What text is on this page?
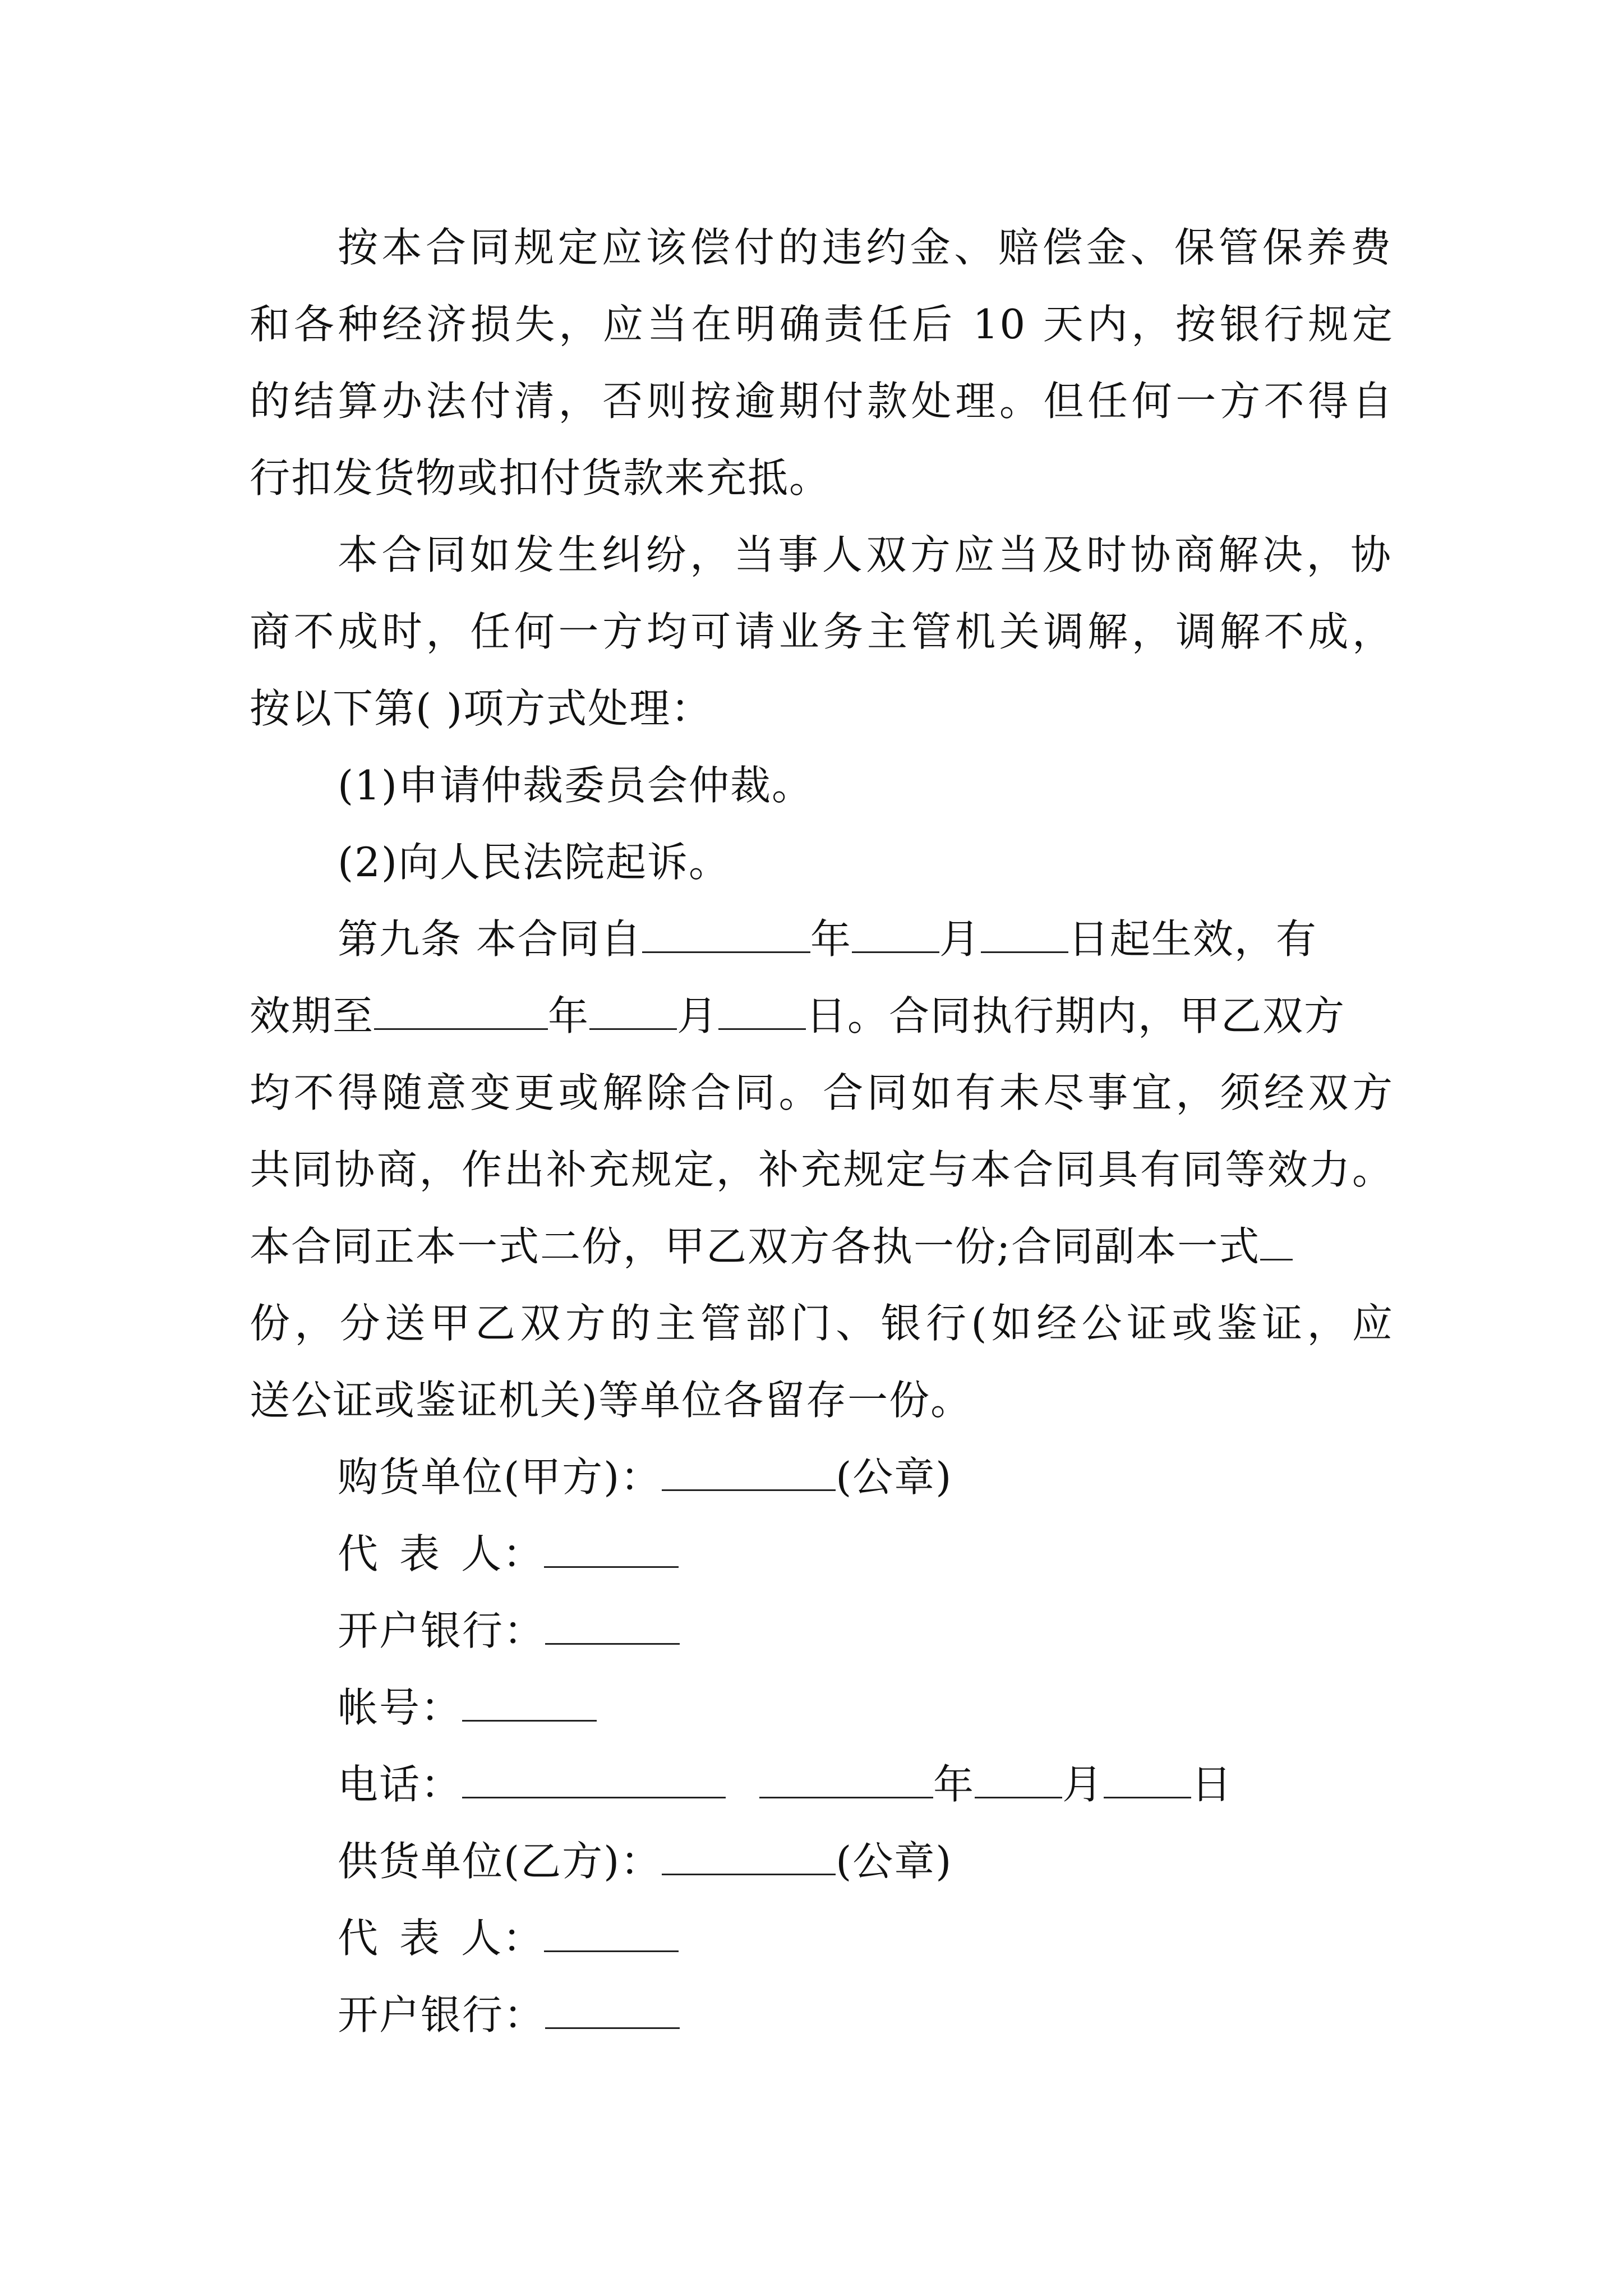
按本合同规定应该偿付的违约金、赔偿金、保管保养费
和各种经济损失，应当在明确责任后 10 天内，按银行规定
的结算办法付清，否则按逾期付款处理。但任何一方不得自
行扣发货物或扣付货款来充抵。
本合同如发生纠纷，当事人双方应当及时协商解决，协
商不成时，任何一方均可请业务主管机关调解，调解不成，
按以下第( )项方式处理：
(1)申请仲裁委员会仲裁。
(2)向人民法院起诉。
第九条 本合同自	年 月 日起生效，有
效期至	年 月 日。合同执行期内，甲乙双方
均不得随意变更或解除合同。合同如有未尽事宜，须经双方
共同协商，作出补充规定，补充规定与本合同具有同等效力。
本合同正本一式二份，甲乙双方各执一份;合同副本一式
份，分送甲乙双方的主管部门、银行(如经公证或鉴证，应
送公证或鉴证机关)等单位各留存一份。
购货单位(甲方)：	(公章)
代 表 人：
开户银行：
帐号：
电话：	年 月 日
供货单位(乙方)：	(公章)
代 表 人：
开户银行：
